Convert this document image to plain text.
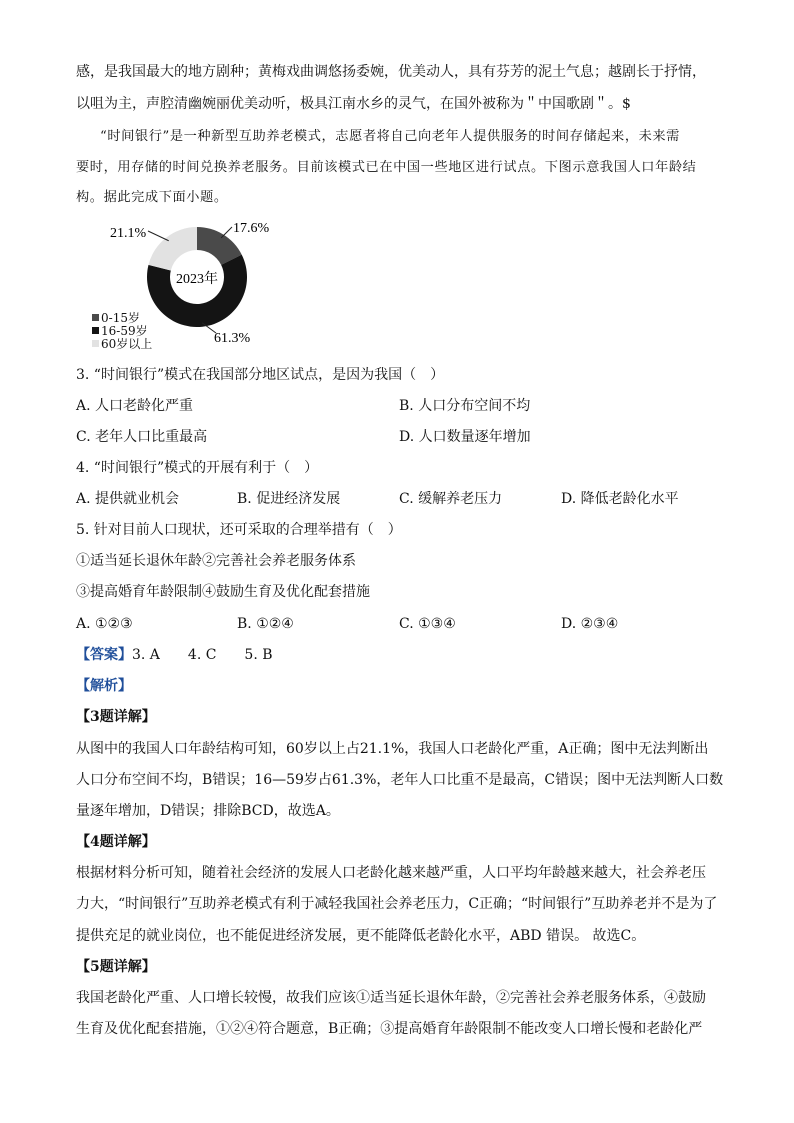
感，是我国最大的地方剧种；黄梅戏曲调悠扬委婉，优美动人，具有芬芳的泥土气息；越剧长于抒情，
以咀为主，声腔清幽婉丽优美动听，极具江南水乡的灵气，在国外被称为＂中国歌剧＂。$
“时间银行”是一种新型互助养老模式，志愿者将自己向老年人提供服务的时间存储起来，未来需
要时，用存储的时间兑换养老服务。目前该模式已在中国一些地区进行试点。下图示意我国人口年龄结
构。据此完成下面小题。
2023年
17.6%
61.3%
21.1%
0-15岁
16-59岁
60岁以上
3. “时间银行”模式在我国部分地区试点，是因为我国（　）
A. 人口老龄化严重	B. 人口分布空间不均
C. 老年人口比重最高	D. 人口数量逐年增加
4. “时间银行”模式的开展有利于（　）
A. 提供就业机会	B. 促进经济发展	C. 缓解养老压力	D. 降低老龄化水平
5. 针对目前人口现状，还可采取的合理举措有（　）
①适当延长退休年龄②完善社会养老服务体系
③提高婚育年龄限制④鼓励生育及优化配套措施
A. ①②③	B. ①②④	C. ①③④	D. ②③④
【答案】3. A　　4. C　　5. B
【解析】
【3题详解】
从图中的我国人口年龄结构可知，60岁以上占21.1%，我国人口老龄化严重，A正确；图中无法判断出
人口分布空间不均，B错误；16—59岁占61.3%，老年人口比重不是最高，C错误；图中无法判断人口数
量逐年增加，D错误；排除BCD，故选A。
【4题详解】
根据材料分析可知，随着社会经济的发展人口老龄化越来越严重，人口平均年龄越来越大，社会养老压
力大，“时间银行”互助养老模式有利于减轻我国社会养老压力，C正确；“时间银行”互助养老并不是为了
提供充足的就业岗位，也不能促进经济发展，更不能降低老龄化水平，ABD 错误。 故选C。
【5题详解】
我国老龄化严重、人口增长较慢，故我们应该①适当延长退休年龄，②完善社会养老服务体系，④鼓励
生育及优化配套措施，①②④符合题意，B正确；③提高婚育年龄限制不能改变人口增长慢和老龄化严
